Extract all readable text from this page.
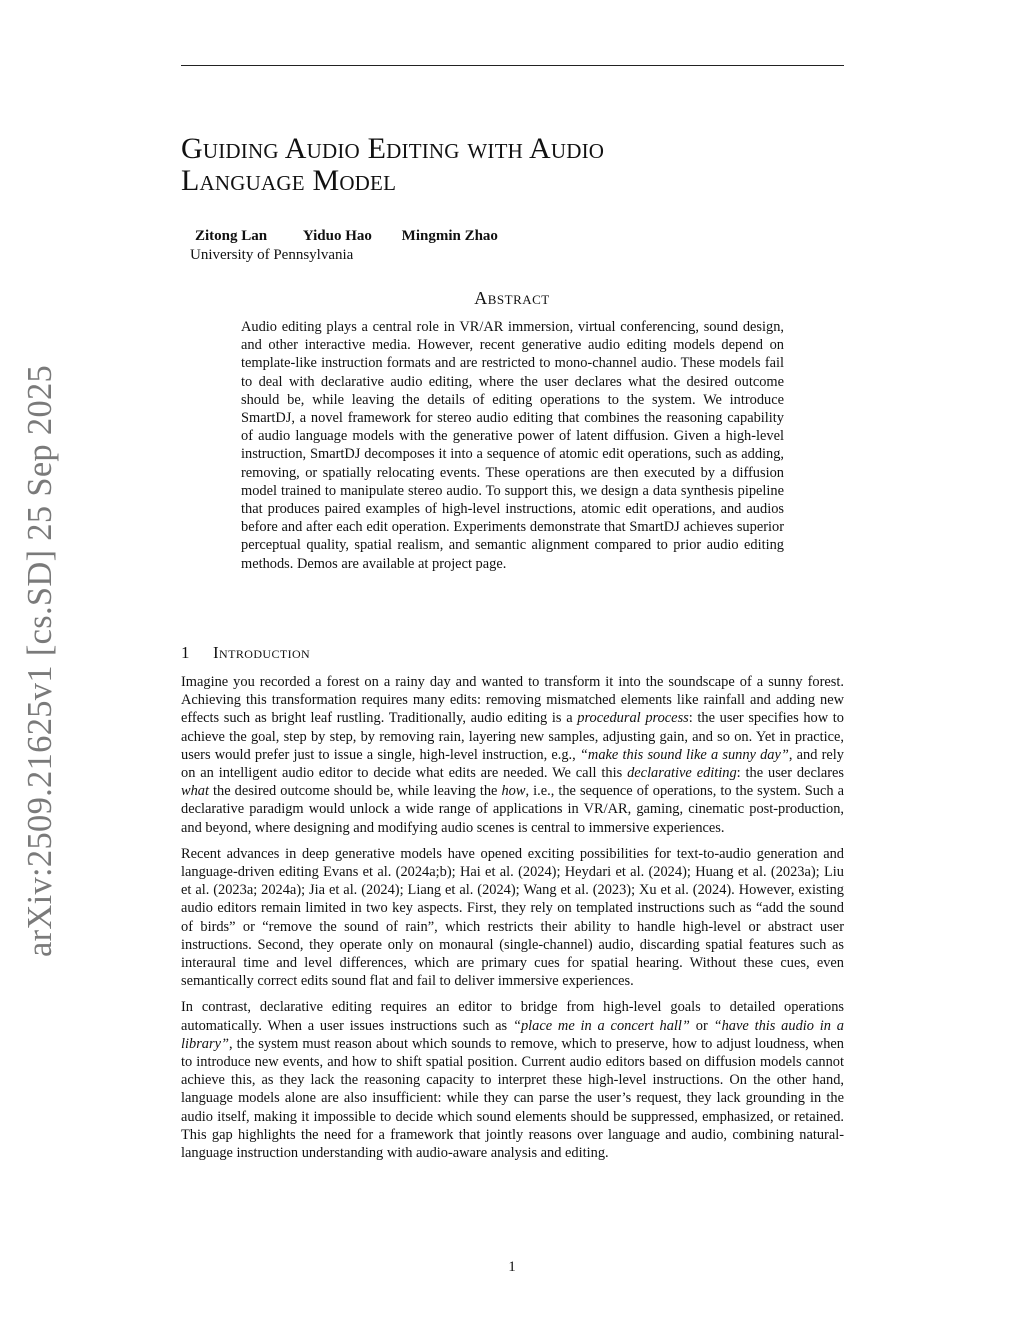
Guiding Audio Editing with Audio
Language Model
Zitong Lan Yiduo Hao Mingmin Zhao
University of Pennsylvania
Abstract

Audio editing plays a central role in VR/AR immersion, virtual conferencing, sound design, and other interactive media. However, recent generative audio editing models depend on template-like instruction formats and are restricted to mono-channel audio. These models fail to deal with declarative audio editing, where the user declares what the desired outcome should be, while leaving the details of editing operations to the system. We introduce SmartDJ, a novel framework for stereo audio editing that combines the reasoning capability of audio language models with the generative power of latent diffusion. Given a high-level instruction, SmartDJ decomposes it into a sequence of atomic edit operations, such as adding, removing, or spatially relocating events. These operations are then executed by a diffusion model trained to manipulate stereo audio. To support this, we design a data synthesis pipeline that produces paired examples of high-level instructions, atomic edit operations, and audios before and after each edit operation. Experiments demonstrate that SmartDJ achieves superior perceptual quality, spatial realism, and semantic alignment compared to prior audio editing methods. Demos are available at project page.

1 Introduction

Imagine you recorded a forest on a rainy day and wanted to transform it into the soundscape of a sunny forest. Achieving this transformation requires many edits: removing mismatched elements like rainfall and adding new effects such as bright leaf rustling. Traditionally, audio editing is a procedural process: the user specifies how to achieve the goal, step by step, by removing rain, layering new samples, adjusting gain, and so on. Yet in practice, users would prefer just to issue a single, high-level instruction, e.g., “make this sound like a sunny day”, and rely on an intelligent audio editor to decide what edits are needed. We call this declarative editing: the user declares what the desired outcome should be, while leaving the how, i.e., the sequence of operations, to the system. Such a declarative paradigm would unlock a wide range of applications in VR/AR, gaming, cinematic post-production, and beyond, where designing and modifying audio scenes is central to immersive experiences.

Recent advances in deep generative models have opened exciting possibilities for text-to-audio generation and language-driven editing Evans et al. (2024a;b); Hai et al. (2024); Heydari et al. (2024); Huang et al. (2023a); Liu et al. (2023a; 2024a); Jia et al. (2024); Liang et al. (2024); Wang et al. (2023); Xu et al. (2024). However, existing audio editors remain limited in two key aspects. First, they rely on templated instructions such as “add the sound of birds” or “remove the sound of rain”, which restricts their ability to handle high-level or abstract user instructions. Second, they operate only on monaural (single-channel) audio, discarding spatial features such as interaural time and level differences, which are primary cues for spatial hearing. Without these cues, even semantically correct edits sound flat and fail to deliver immersive experiences.

In contrast, declarative editing requires an editor to bridge from high-level goals to detailed operations automatically. When a user issues instructions such as “place me in a concert hall” or “have this audio in a library”, the system must reason about which sounds to remove, which to preserve, how to adjust loudness, when to introduce new events, and how to shift spatial position. Current audio editors based on diffusion models cannot achieve this, as they lack the reasoning capacity to interpret these high-level instructions. On the other hand, language models alone are also insufficient: while they can parse the user’s request, they lack grounding in the audio itself, making it impossible to decide which sound elements should be suppressed, emphasized, or retained. This gap highlights the need for a framework that jointly reasons over language and audio, combining natural-language instruction understanding with audio-aware analysis and editing.

1
arXiv:2509.21625v1 [cs.SD] 25 Sep 2025
